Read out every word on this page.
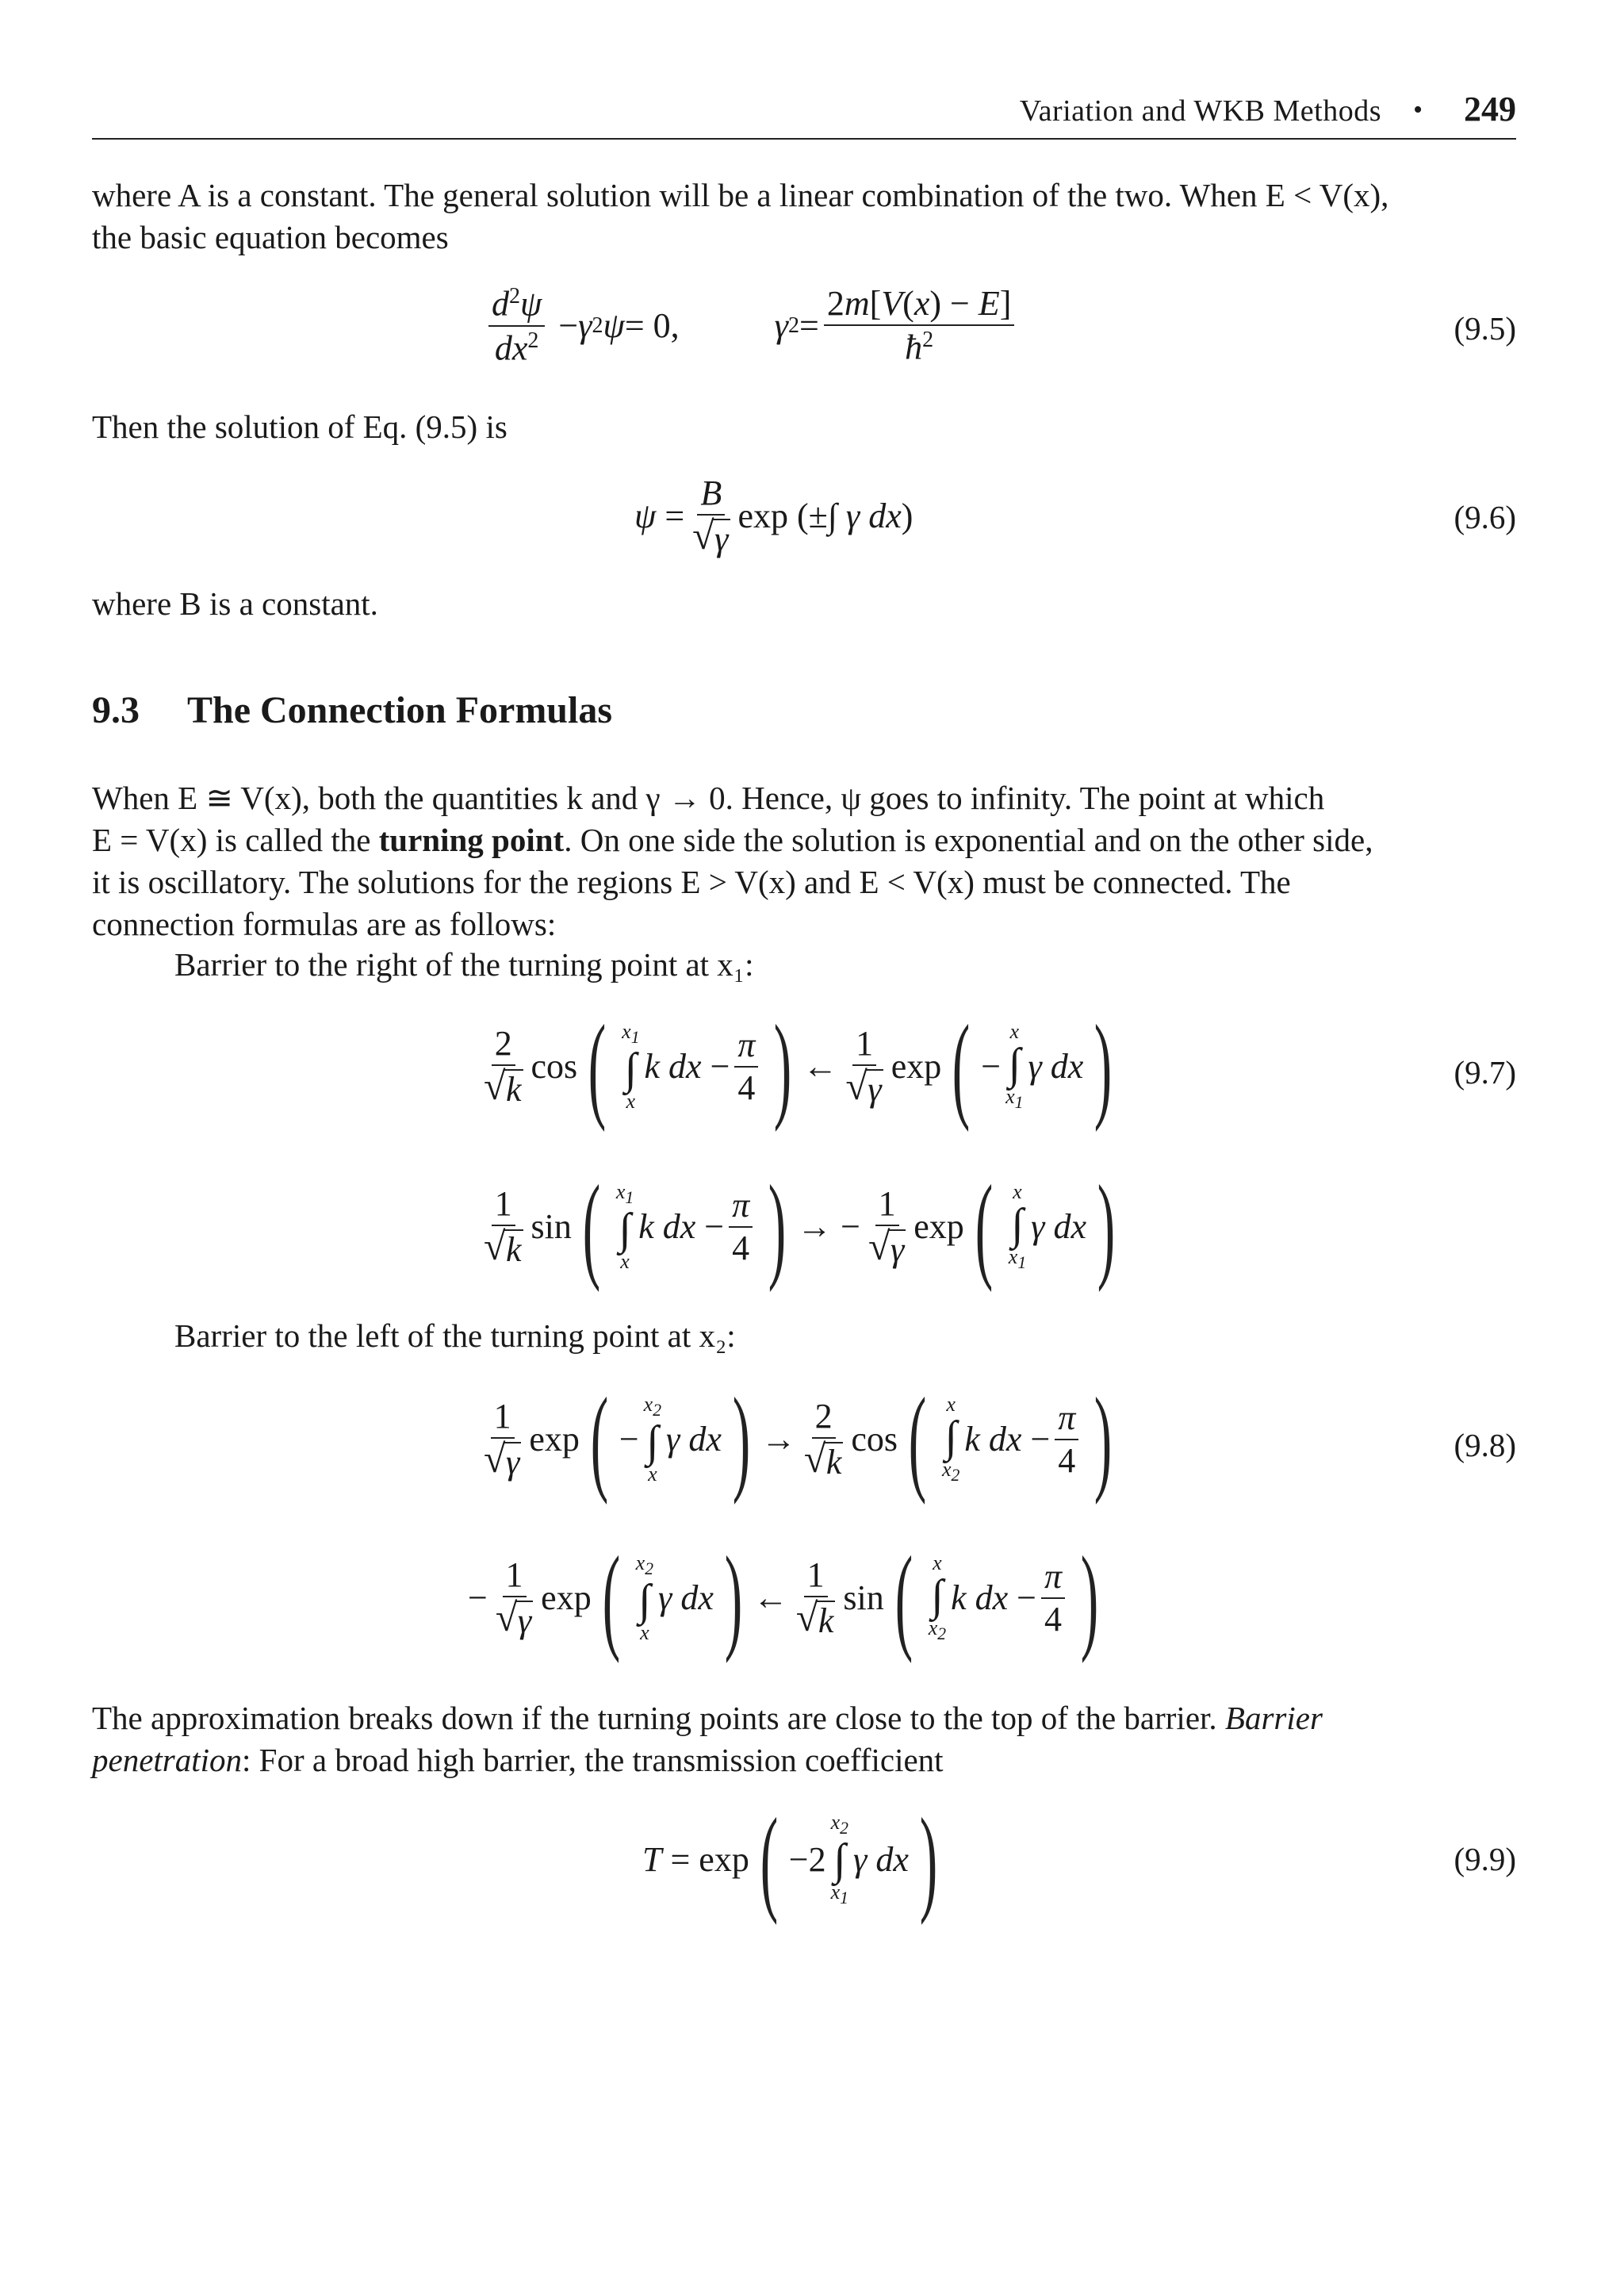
Variation and WKB Methods • 249
where A is a constant. The general solution will be a linear combination of the two. When E < V(x),
the basic equation becomes
$\frac{d^2\psi}{dx^2} - \gamma$ 2 ψ = 0,	γ $2 = \frac{2m[V(x) - E]}{ħ^2}$	(9.5)
Then the solution of Eq. (9.5) is
$\psi = \frac{B}{√ \gamma}$ exp (±∫ γ dx )	(9.6)
where B is a constant.
9.3 The Connection Formulas
When E ≅ V(x), both the quantities k and γ → 0. Hence, ψ goes to infinity. The point at which
E = V(x) is called the turning point. On one side the solution is exponential and on the other side,
it is oscillatory. The solutions for the regions E > V(x) and E < V(x) must be connected. The
connection formulas are as follows:
Barrier to the right of the turning point at x₁:
$\frac{2}{√ k}$ cos ( $x_1$
∫
x
k dx − $\frac{\pi}{4}$ ) ← $\frac{1}{√ \gamma}$ exp ( −
x
∫
$x_1$
γ dx )	(9.7)
$\frac{1}{√ k}$ sin ( $x_1$
∫
x
k dx − $\frac{\pi}{4}$ ) → − $\frac{1}{√ \gamma}$ exp ( x
∫
$x_1$
γ dx )
Barrier to the left of the turning point at x₂:
$\frac{1}{√ \gamma}$ exp ( −
$x_2$
∫
x
γ dx ) → $\frac{2}{√ k}$ cos ( x
∫
$x_2$
k dx − $\frac{\pi}{4}$ )	(9.8)
− $\frac{1}{√ \gamma}$ exp ( $x_2$
∫
x
γ dx ) ← $\frac{1}{√ k}$ sin ( x
∫
$x_2$
k dx − $\frac{\pi}{4}$ )
The approximation breaks down if the turning points are close to the top of the barrier. Barrier
penetration: For a broad high barrier, the transmission coefficient
T = exp ( −2
$x_2$
∫
$x_1$
γ dx )	(9.9)
